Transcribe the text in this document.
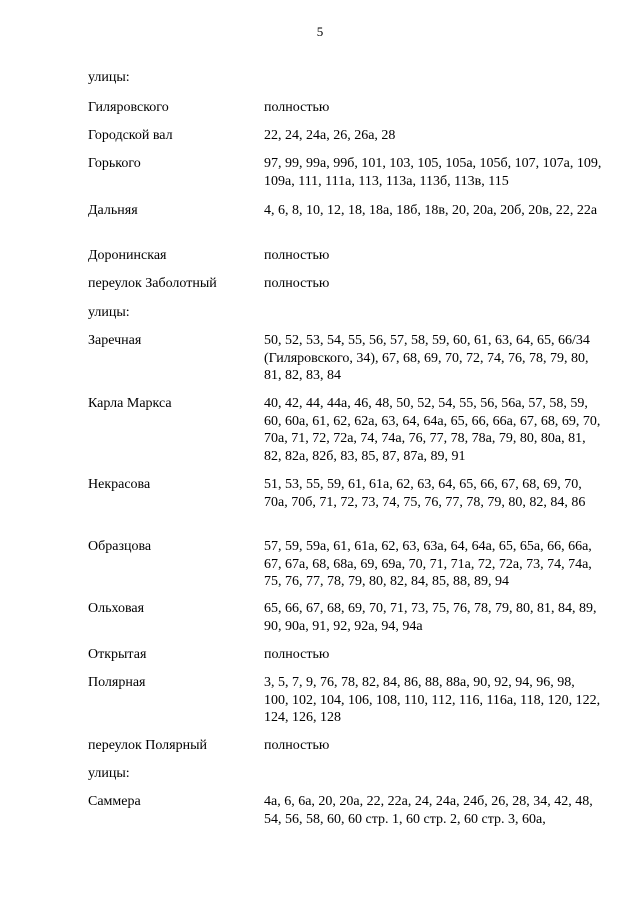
5
улицы:
Гиляровского	полностью
Городской вал	22, 24, 24а, 26, 26а, 28
Горького	97, 99, 99а, 99б, 101, 103, 105, 105а, 105б, 107, 107а, 109, 109а, 111, 111а, 113, 113а, 113б, 113в, 115
Дальняя	4, 6, 8, 10, 12, 18, 18а, 18б, 18в, 20, 20а, 20б, 20в, 22, 22а
Доронинская	полностью
переулок Заболотный	полностью
улицы:
Заречная	50, 52, 53, 54, 55, 56, 57, 58, 59, 60, 61, 63, 64, 65, 66/34 (Гиляровского, 34), 67, 68, 69, 70, 72, 74, 76, 78, 79, 80, 81, 82, 83, 84
Карла Маркса	40, 42, 44, 44а, 46, 48, 50, 52, 54, 55, 56, 56а, 57, 58, 59, 60, 60а, 61, 62, 62а, 63, 64, 64а, 65, 66, 66а, 67, 68, 69, 70, 70а, 71, 72, 72а, 74, 74а, 76, 77, 78, 78а, 79, 80, 80а, 81, 82, 82а, 82б, 83, 85, 87, 87а, 89, 91
Некрасова	51, 53, 55, 59, 61, 61а, 62, 63, 64, 65, 66, 67, 68, 69, 70, 70а, 70б, 71, 72, 73, 74, 75, 76, 77, 78, 79, 80, 82, 84, 86
Образцова	57, 59, 59а, 61, 61а, 62, 63, 63а, 64, 64а, 65, 65а, 66, 66а, 67, 67а, 68, 68а, 69, 69а, 70, 71, 71а, 72, 72а, 73, 74, 74а, 75, 76, 77, 78, 79, 80, 82, 84, 85, 88, 89, 94
Ольховая	65, 66, 67, 68, 69, 70, 71, 73, 75, 76, 78, 79, 80, 81, 84, 89, 90, 90а, 91, 92, 92а, 94, 94а
Открытая	полностью
Полярная	3, 5, 7, 9, 76, 78, 82, 84, 86, 88, 88а, 90, 92, 94, 96, 98, 100, 102, 104, 106, 108, 110, 112, 116, 116а, 118, 120, 122, 124, 126, 128
переулок Полярный	полностью
улицы:
Саммера	4а, 6, 6а, 20, 20а, 22, 22а, 24, 24а, 24б, 26, 28, 34, 42, 48, 54, 56, 58, 60, 60 стр. 1, 60 стр. 2, 60 стр. 3, 60а,
